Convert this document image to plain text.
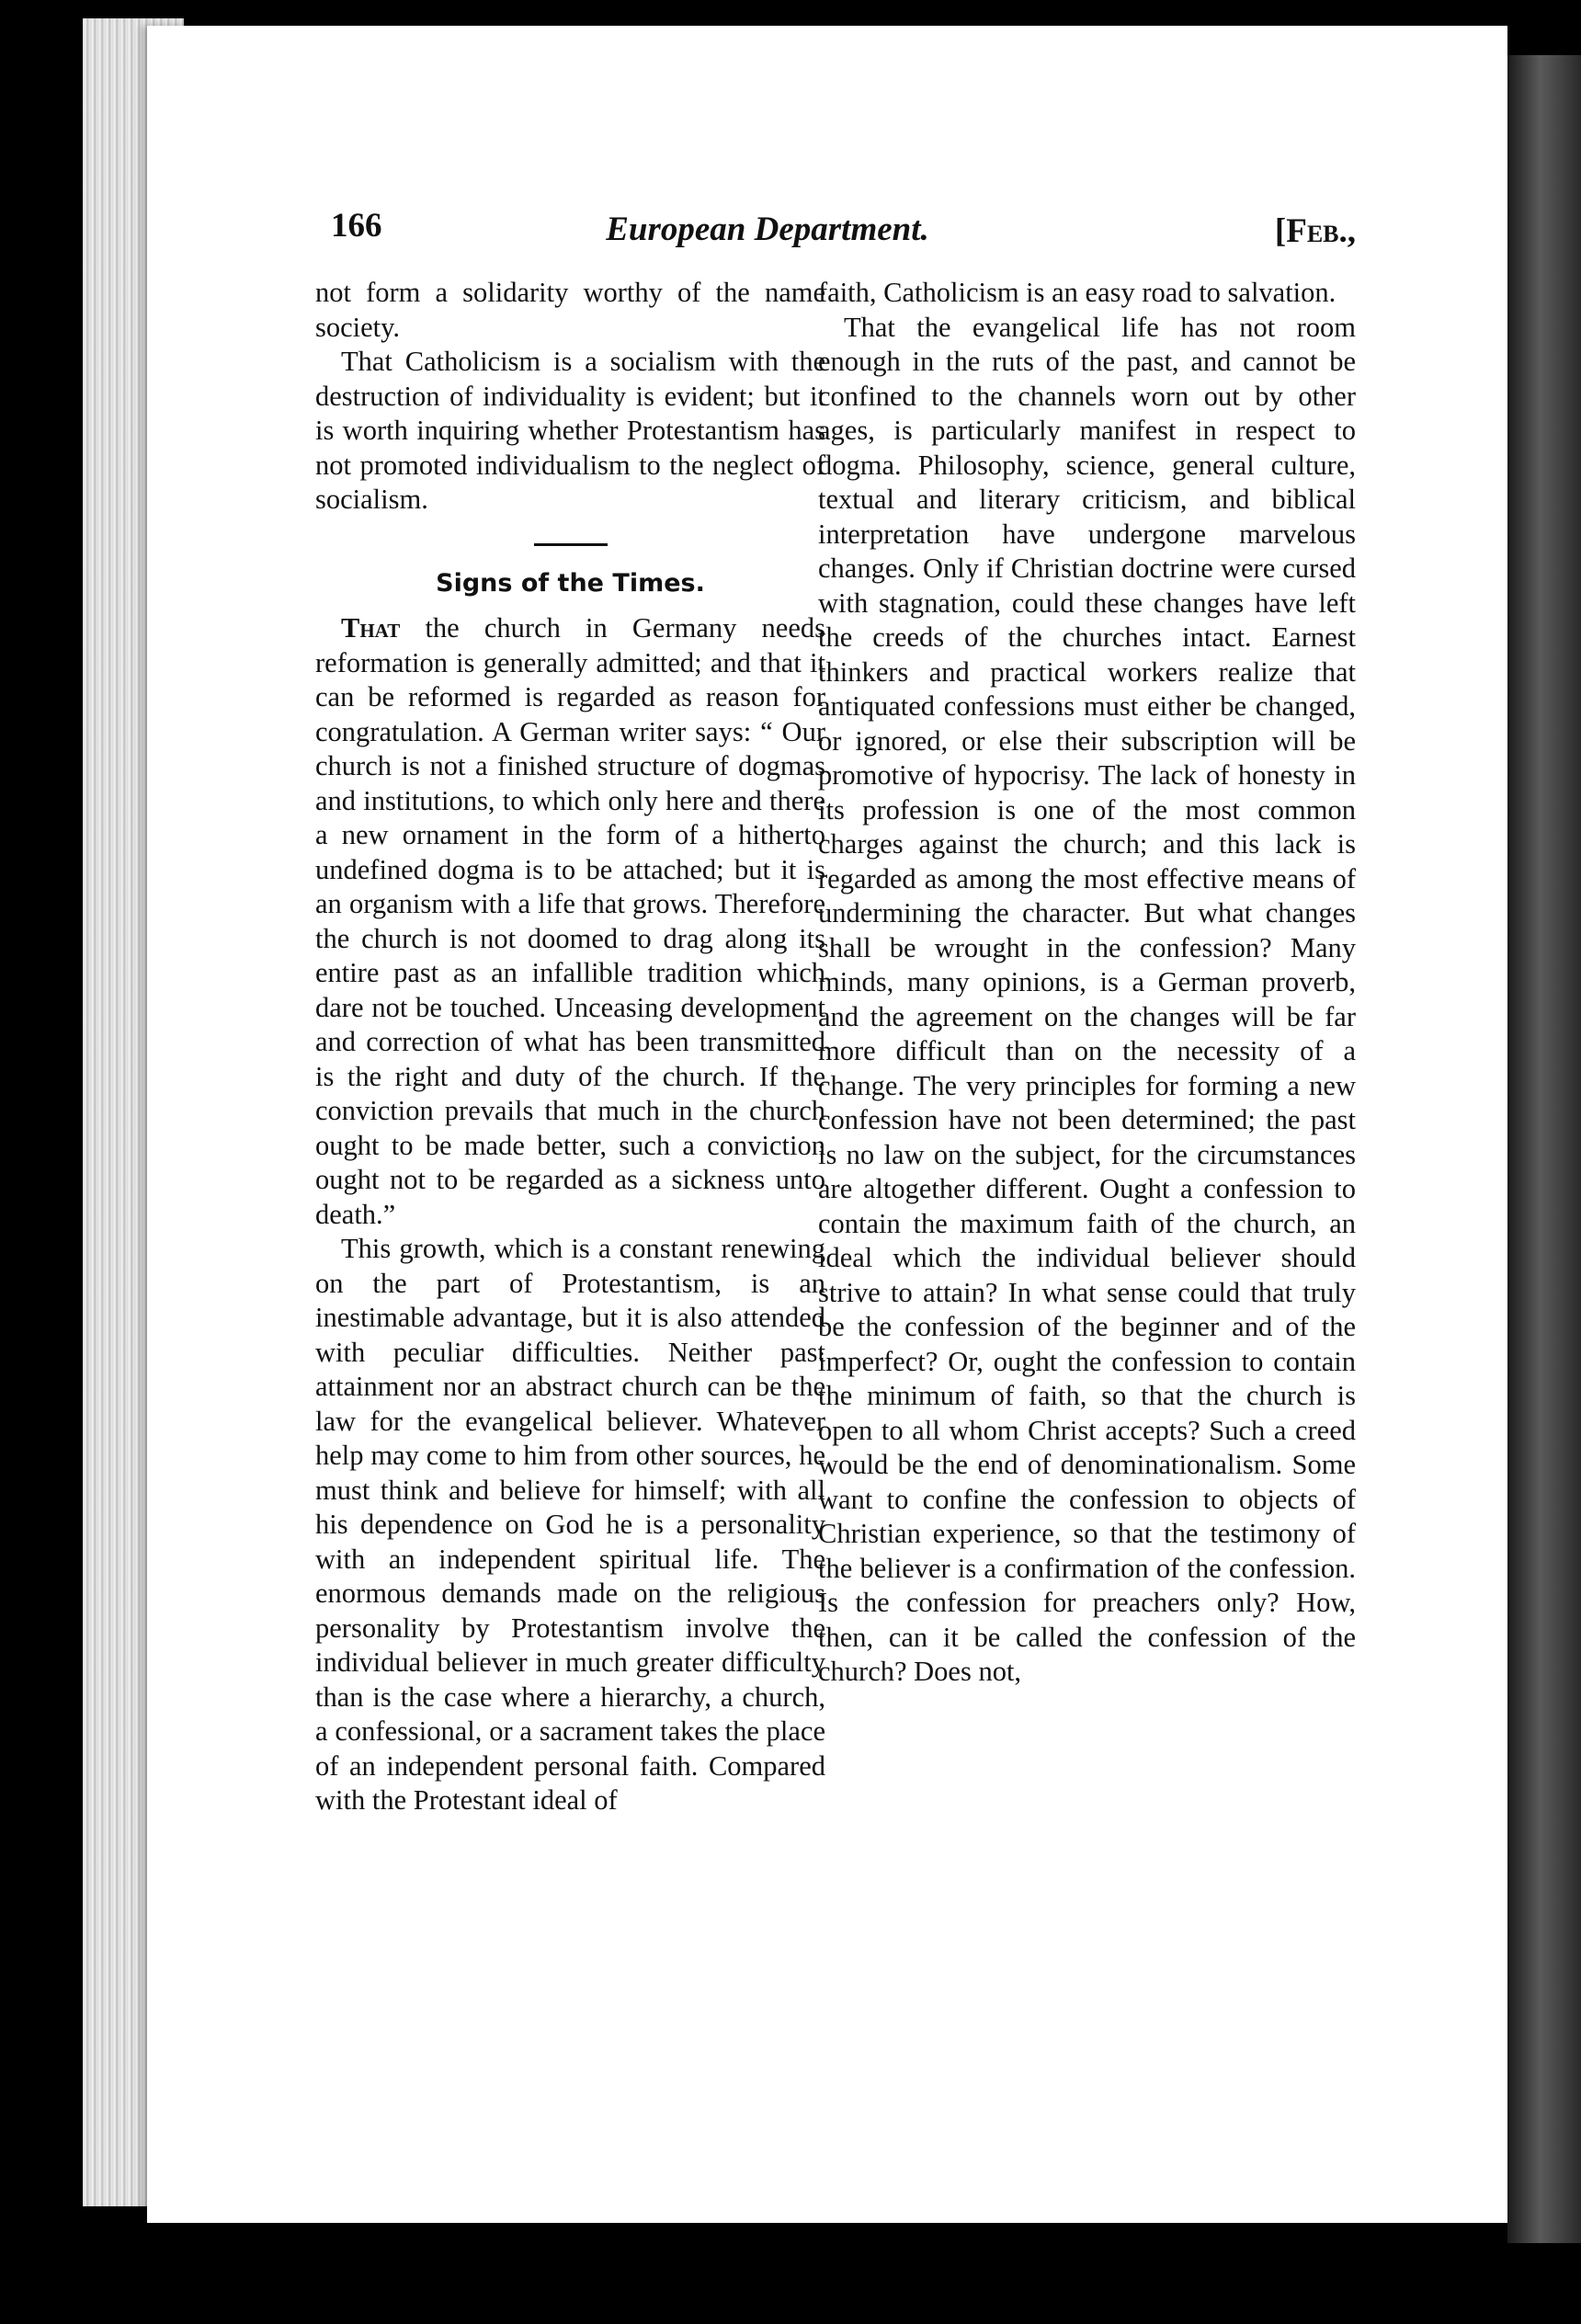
166	European Department.	[Feb.,

not form a solidarity worthy of the name society.

That Catholicism is a socialism with the destruction of individuality is evident; but it is worth inquiring whether Protestantism has not promoted individualism to the neglect of socialism.

Signs of the Times.

That the church in Germany needs reformation is generally admitted; and that it can be reformed is regarded as reason for congratulation. A German writer says: “ Our church is not a finished structure of dogmas and institutions, to which only here and there a new ornament in the form of a hitherto undefined dogma is to be attached; but it is an organism with a life that grows. Therefore the church is not doomed to drag along its entire past as an infallible tradition which dare not be touched. Unceasing development and correction of what has been transmitted is the right and duty of the church. If the conviction prevails that much in the church ought to be made better, such a conviction ought not to be regarded as a sickness unto death.”

This growth, which is a constant renewing on the part of Protestantism, is an inestimable advantage, but it is also attended with peculiar difficulties. Neither past attainment nor an abstract church can be the law for the evangelical believer. Whatever help may come to him from other sources, he must think and believe for himself; with all his dependence on God he is a personality with an independent spiritual life. The enormous demands made on the religious personality by Protestantism involve the individual believer in much greater difficulty than is the case where a hierarchy, a church, a confessional, or a sacrament takes the place of an independent personal faith. Compared with the Protestant ideal of

faith, Catholicism is an easy road to salvation.

That the evangelical life has not room enough in the ruts of the past, and cannot be confined to the channels worn out by other ages, is particularly manifest in respect to dogma. Philosophy, science, general culture, textual and literary criticism, and biblical interpretation have undergone marvelous changes. Only if Christian doctrine were cursed with stagnation, could these changes have left the creeds of the churches intact. Earnest thinkers and practical workers realize that antiquated confessions must either be changed, or ignored, or else their subscription will be promotive of hypocrisy. The lack of honesty in its profession is one of the most common charges against the church; and this lack is regarded as among the most effective means of undermining the character. But what changes shall be wrought in the confession? Many minds, many opinions, is a German proverb, and the agreement on the changes will be far more difficult than on the necessity of a change. The very principles for forming a new confession have not been determined; the past is no law on the subject, for the circumstances are altogether different. Ought a confession to contain the maximum faith of the church, an ideal which the individual believer should strive to attain? In what sense could that truly be the confession of the beginner and of the imperfect? Or, ought the confession to contain the minimum of faith, so that the church is open to all whom Christ accepts? Such a creed would be the end of denominationalism. Some want to confine the confession to objects of Christian experience, so that the testimony of the believer is a confirmation of the confession. Is the confession for preachers only? How, then, can it be called the confession of the church? Does not,
